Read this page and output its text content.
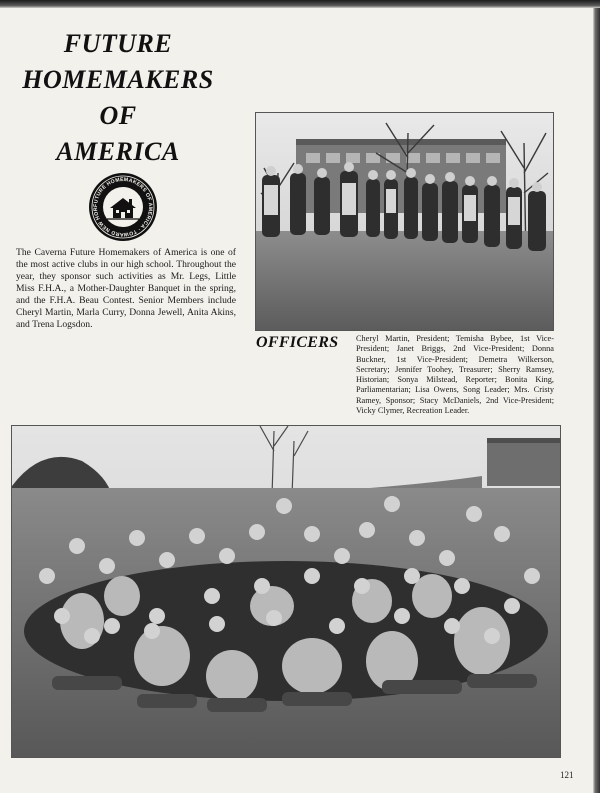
FUTURE
HOMEMAKERS
OF
AMERICA
FUTURE HOMEMAKERS OF AMERICA · TOWARD NEW HOR
The Caverna Future Homemakers of America is one of the most active clubs in our high school. Throughout the year, they sponsor such activities as Mr. Legs, Little Miss F.H.A., a Mother-Daughter Banquet in the spring, and the F.H.A. Beau Contest. Senior Members include Cheryl Martin, Marla Curry, Donna Jewell, Anita Akins, and Trena Logsdon.
OFFICERS Cheryl Martin, President; Temisha Bybee, 1st Vice-President; Janet Briggs, 2nd Vice-President; Donna Buckner, 1st Vice-President; Demetra Wilkerson, Secretary; Jennifer Toohey, Treasurer; Sherry Ramsey, Historian; Sonya Milstead, Reporter; Bonita King, Parliamentarian; Lisa Owens, Song Leader; Mrs. Cristy Ramey, Sponsor; Stacy McDaniels, 2nd Vice-President; Vicky Clymer, Recreation Leader.
121
